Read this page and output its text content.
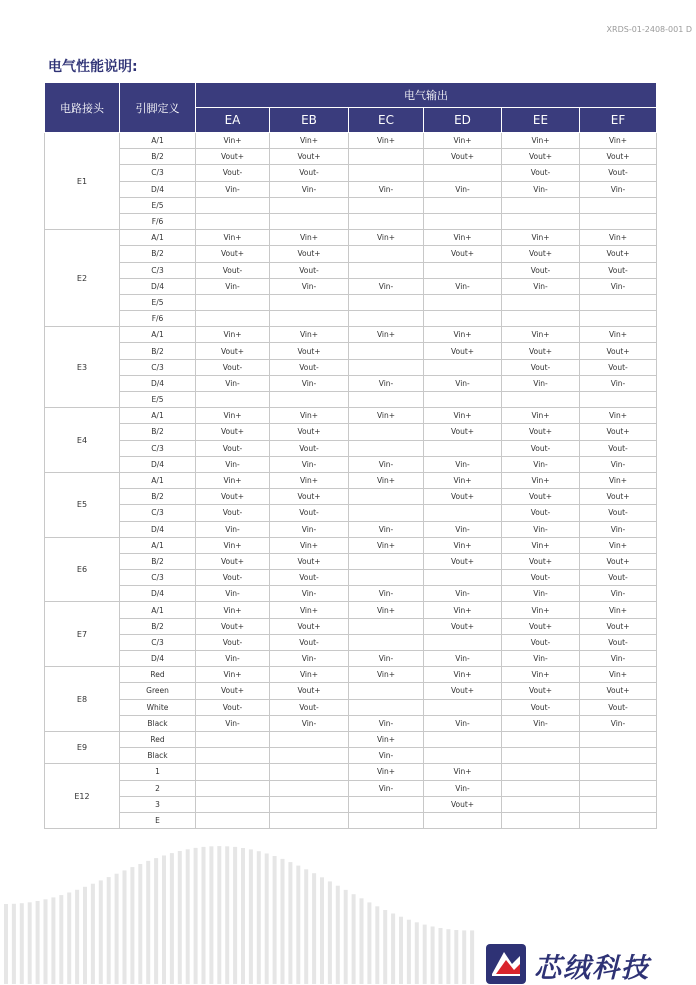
XRDS-01-2408-001 D
电气性能说明:
电路接头	引脚定义	电气输出					
		EA	EB	EC	ED	EE	EF
E1	A/1	Vin+	Vin+	Vin+	Vin+	Vin+	Vin+
	B/2	Vout+	Vout+		Vout+	Vout+	Vout+
	C/3	Vout-	Vout-			Vout-	Vout-
	D/4	Vin-	Vin-	Vin-	Vin-	Vin-	Vin-
	E/5						
	F/6						
E2	A/1	Vin+	Vin+	Vin+	Vin+	Vin+	Vin+
	B/2	Vout+	Vout+		Vout+	Vout+	Vout+
	C/3	Vout-	Vout-			Vout-	Vout-
	D/4	Vin-	Vin-	Vin-	Vin-	Vin-	Vin-
	E/5						
	F/6						
E3	A/1	Vin+	Vin+	Vin+	Vin+	Vin+	Vin+
	B/2	Vout+	Vout+		Vout+	Vout+	Vout+
	C/3	Vout-	Vout-			Vout-	Vout-
	D/4	Vin-	Vin-	Vin-	Vin-	Vin-	Vin-
	E/5						
E4	A/1	Vin+	Vin+	Vin+	Vin+	Vin+	Vin+
	B/2	Vout+	Vout+		Vout+	Vout+	Vout+
	C/3	Vout-	Vout-			Vout-	Vout-
	D/4	Vin-	Vin-	Vin-	Vin-	Vin-	Vin-
E5	A/1	Vin+	Vin+	Vin+	Vin+	Vin+	Vin+
	B/2	Vout+	Vout+		Vout+	Vout+	Vout+
	C/3	Vout-	Vout-			Vout-	Vout-
	D/4	Vin-	Vin-	Vin-	Vin-	Vin-	Vin-
E6	A/1	Vin+	Vin+	Vin+	Vin+	Vin+	Vin+
	B/2	Vout+	Vout+		Vout+	Vout+	Vout+
	C/3	Vout-	Vout-			Vout-	Vout-
	D/4	Vin-	Vin-	Vin-	Vin-	Vin-	Vin-
E7	A/1	Vin+	Vin+	Vin+	Vin+	Vin+	Vin+
	B/2	Vout+	Vout+		Vout+	Vout+	Vout+
	C/3	Vout-	Vout-			Vout-	Vout-
	D/4	Vin-	Vin-	Vin-	Vin-	Vin-	Vin-
E8	Red	Vin+	Vin+	Vin+	Vin+	Vin+	Vin+
	Green	Vout+	Vout+		Vout+	Vout+	Vout+
	White	Vout-	Vout-			Vout-	Vout-
	Black	Vin-	Vin-	Vin-	Vin-	Vin-	Vin-
E9	Red			Vin+			
	Black			Vin-			
E12	1			Vin+	Vin+		
	2			Vin-	Vin-		
	3				Vout+		
	E						
芯绒科技
